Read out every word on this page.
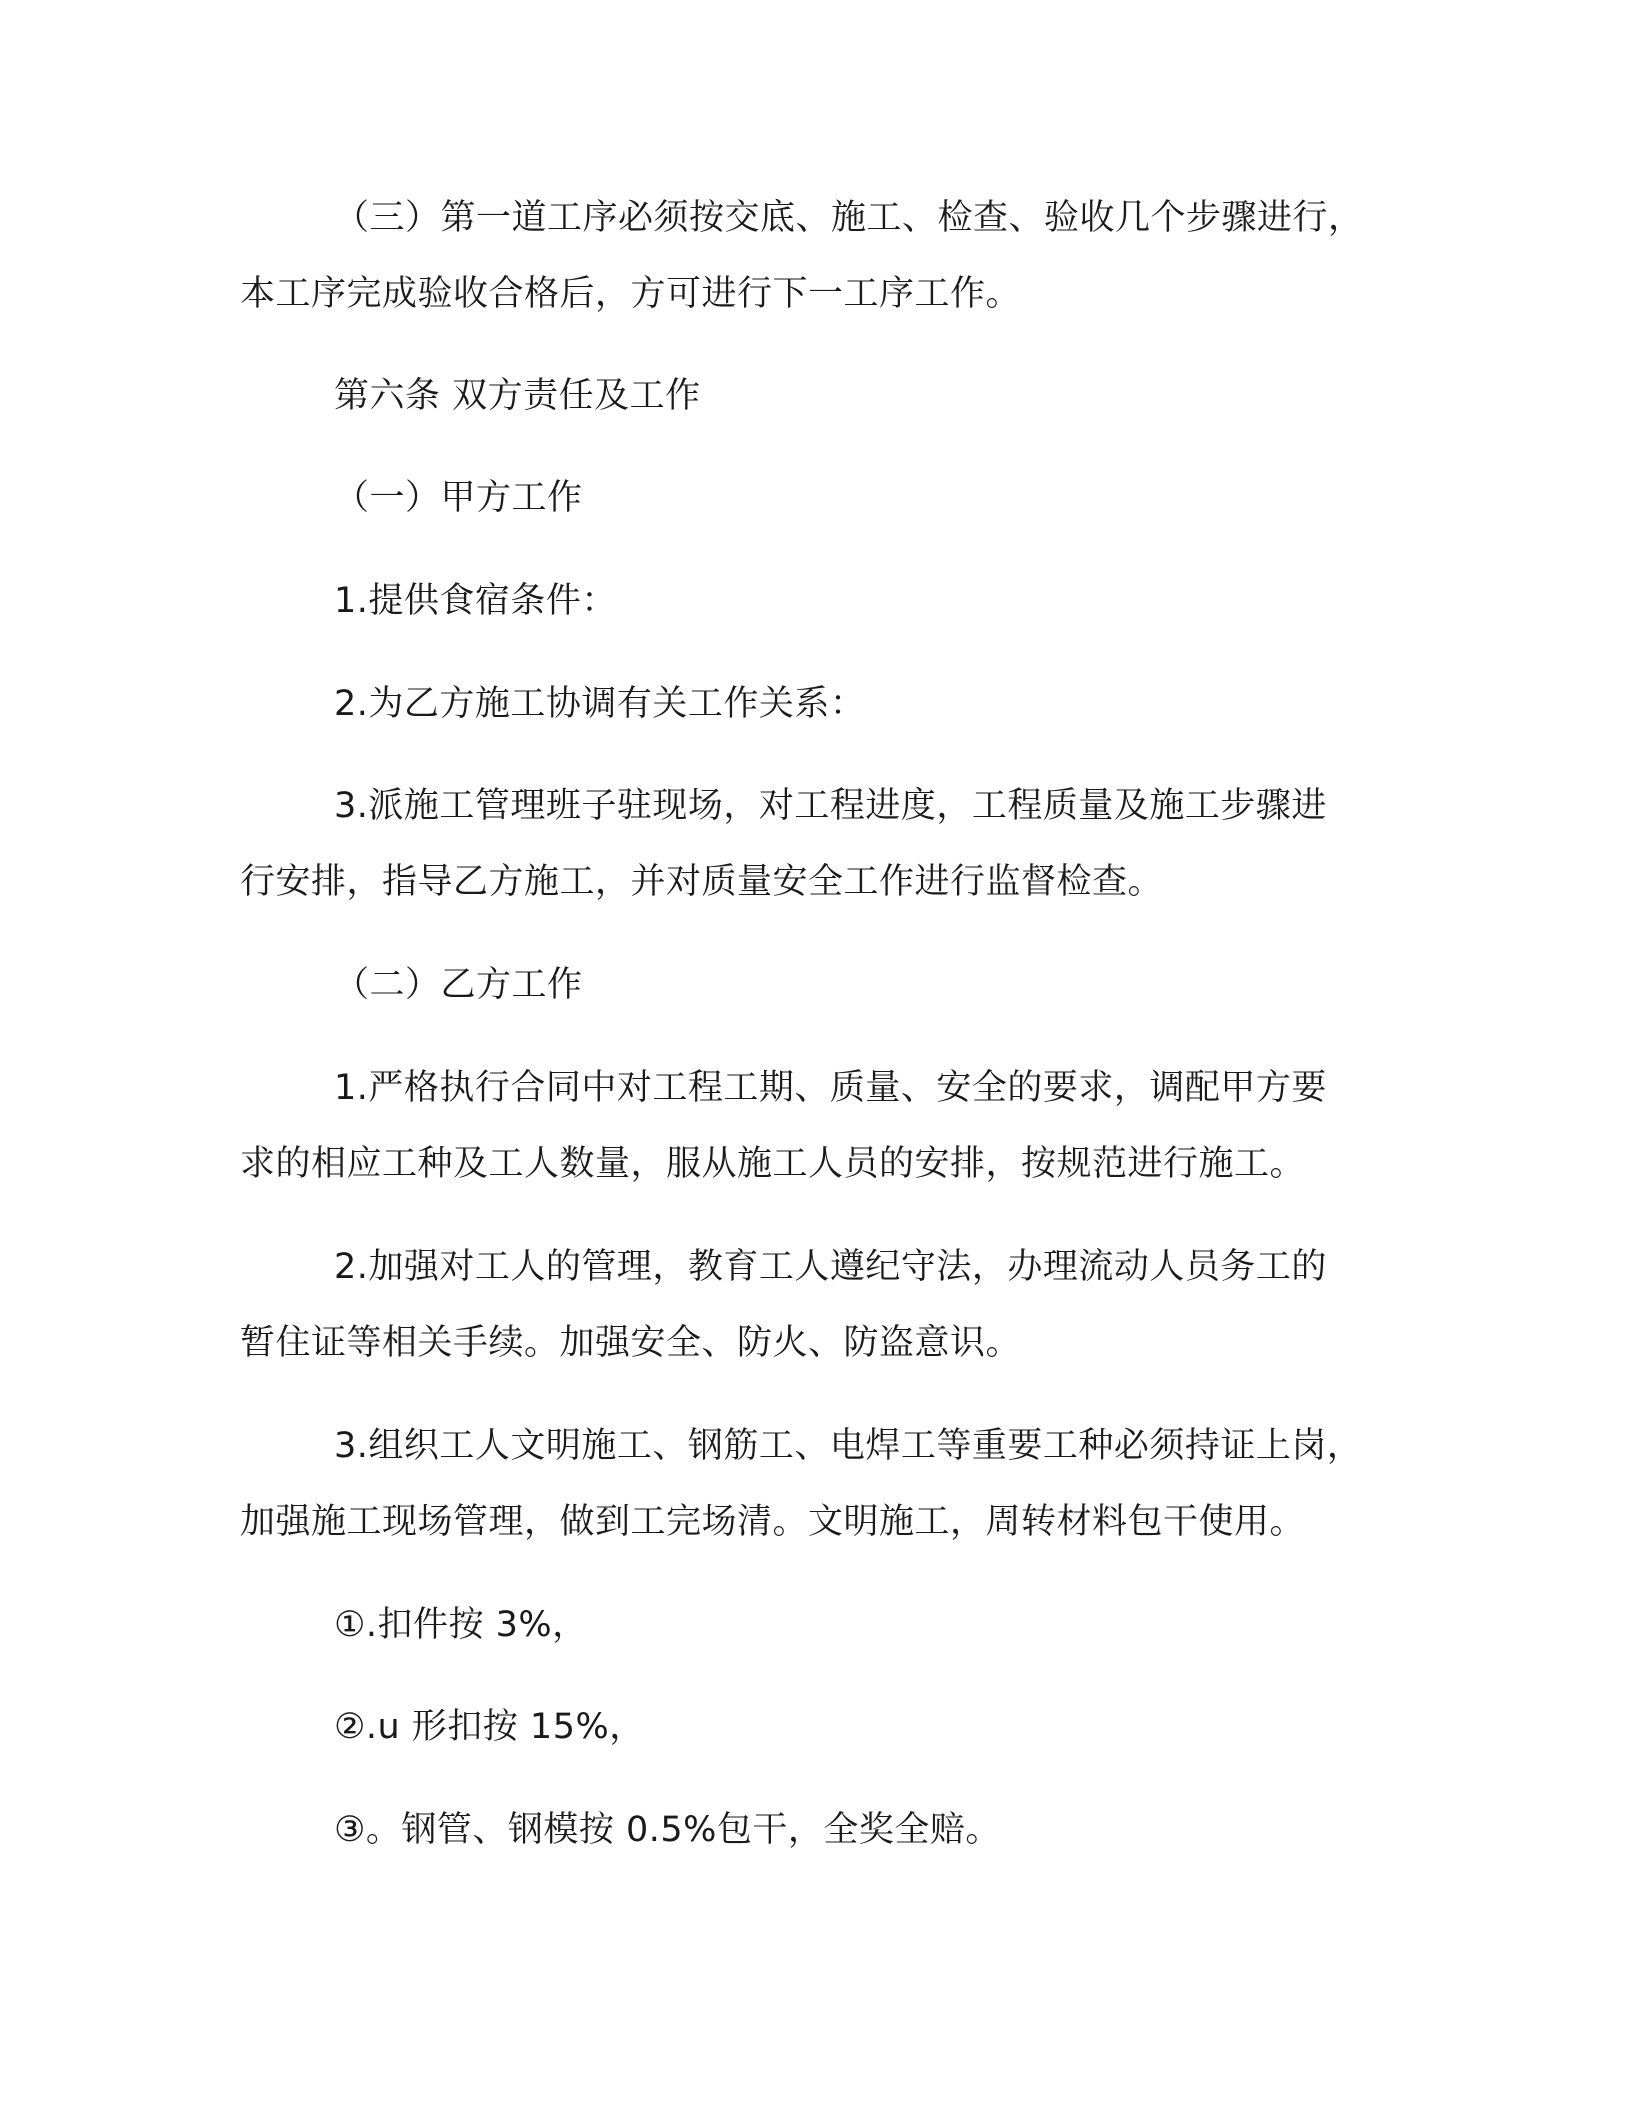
（三）第一道工序必须按交底、施工、检查、验收几个步骤进行，
本工序完成验收合格后，方可进行下一工序工作。
第六条 双方责任及工作
（一）甲方工作
1.提供食宿条件：
2.为乙方施工协调有关工作关系：
3.派施工管理班子驻现场，对工程进度，工程质量及施工步骤进
行安排，指导乙方施工，并对质量安全工作进行监督检查。
（二）乙方工作
1.严格执行合同中对工程工期、质量、安全的要求，调配甲方要
求的相应工种及工人数量，服从施工人员的安排，按规范进行施工。
2.加强对工人的管理，教育工人遵纪守法，办理流动人员务工的
暂住证等相关手续。加强安全、防火、防盗意识。
3.组织工人文明施工、钢筋工、电焊工等重要工种必须持证上岗，
加强施工现场管理，做到工完场清。文明施工，周转材料包干使用。
①.扣件按 3%，
②.u 形扣按 15%，
③。钢管、钢模按 0.5%包干，全奖全赔。
